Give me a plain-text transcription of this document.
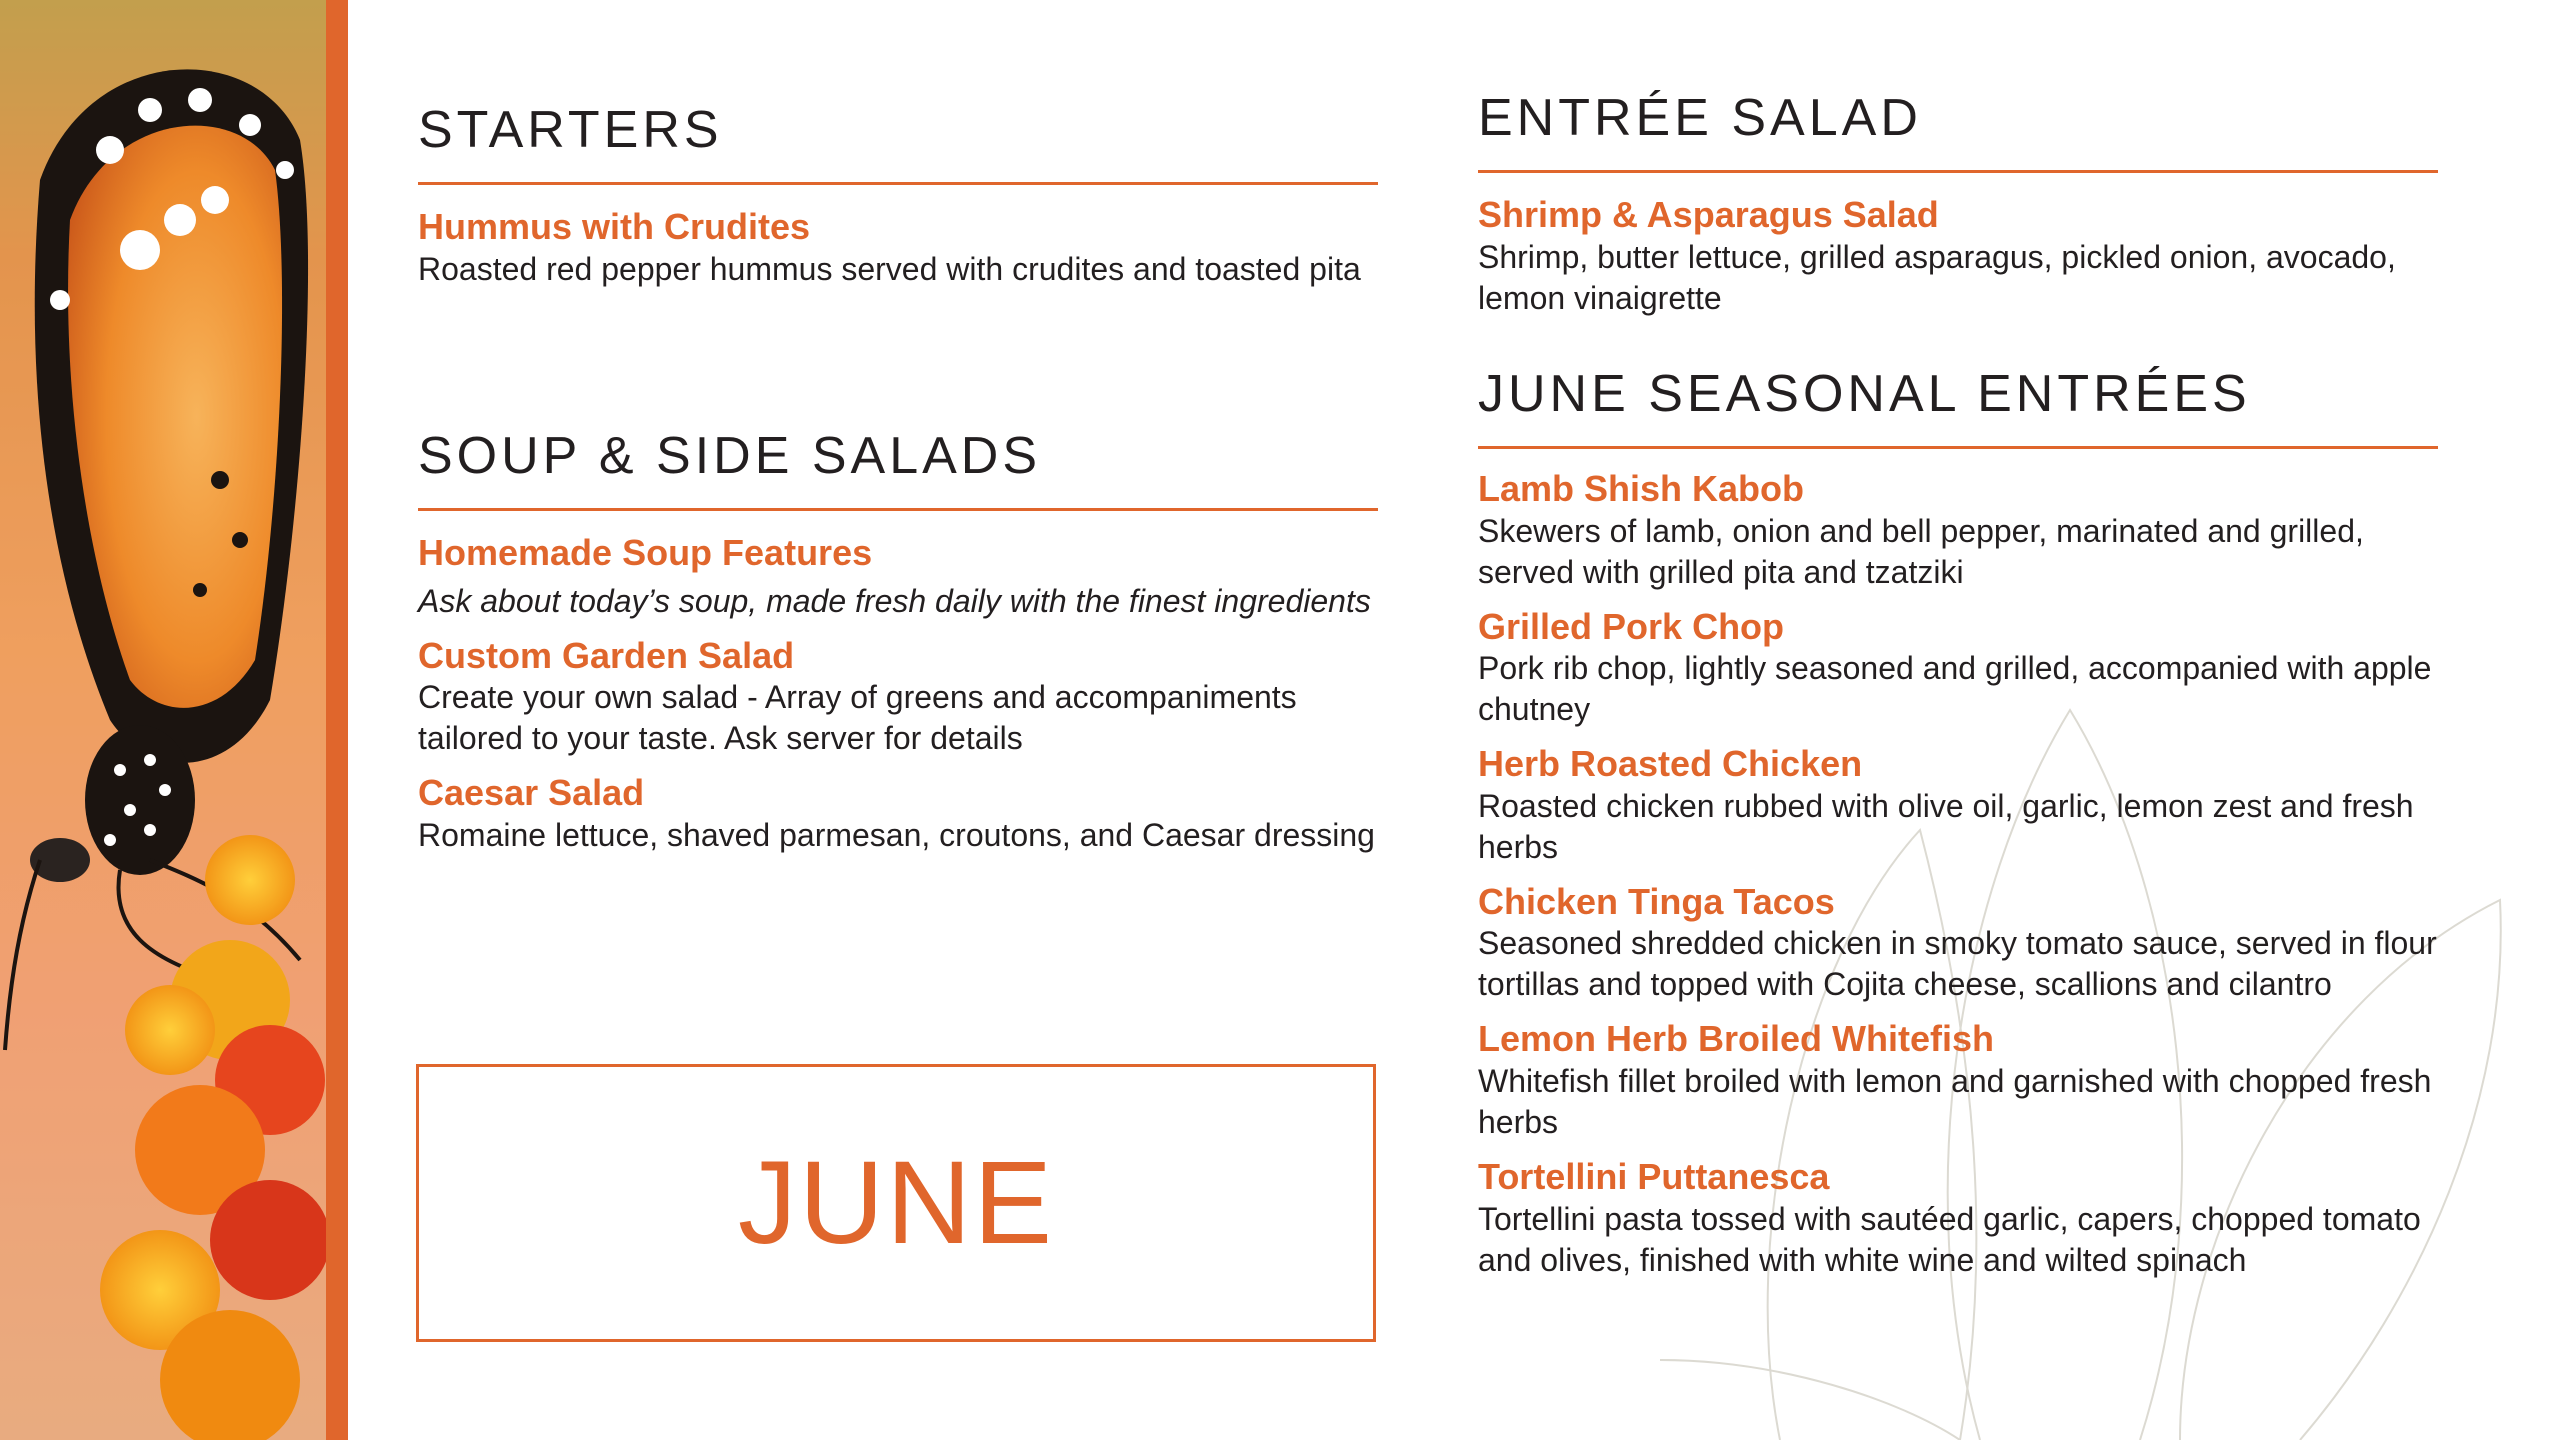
STARTERS

Hummus with Crudites

Roasted red pepper hummus served with crudites and toasted pita

SOUP & SIDE SALADS

Homemade Soup Features

Ask about today’s soup, made fresh daily with the finest ingredients

Custom Garden Salad

Create your own salad - Array of greens and accompaniments tailored to your taste. Ask server for details

Caesar Salad

Romaine lettuce, shaved parmesan, croutons, and Caesar dressing

JUNE
ENTRÉE SALAD

Shrimp & Asparagus Salad

Shrimp, butter lettuce, grilled asparagus, pickled onion, avocado, lemon vinaigrette

JUNE SEASONAL ENTRÉES

Lamb Shish Kabob

Skewers of lamb, onion and bell pepper, marinated and grilled, served with grilled pita and tzatziki

Grilled Pork Chop

Pork rib chop, lightly seasoned and grilled, accompanied with apple chutney

Herb Roasted Chicken

Roasted chicken rubbed with olive oil, garlic, lemon zest and fresh herbs

Chicken Tinga Tacos

Seasoned shredded chicken in smoky tomato sauce, served in flour tortillas and topped with Cojita cheese, scallions and cilantro

Lemon Herb Broiled Whitefish

Whitefish fillet broiled with lemon and garnished with chopped fresh herbs

Tortellini Puttanesca

Tortellini pasta tossed with sautéed garlic, capers, chopped tomato and olives, finished with white wine and wilted spinach
